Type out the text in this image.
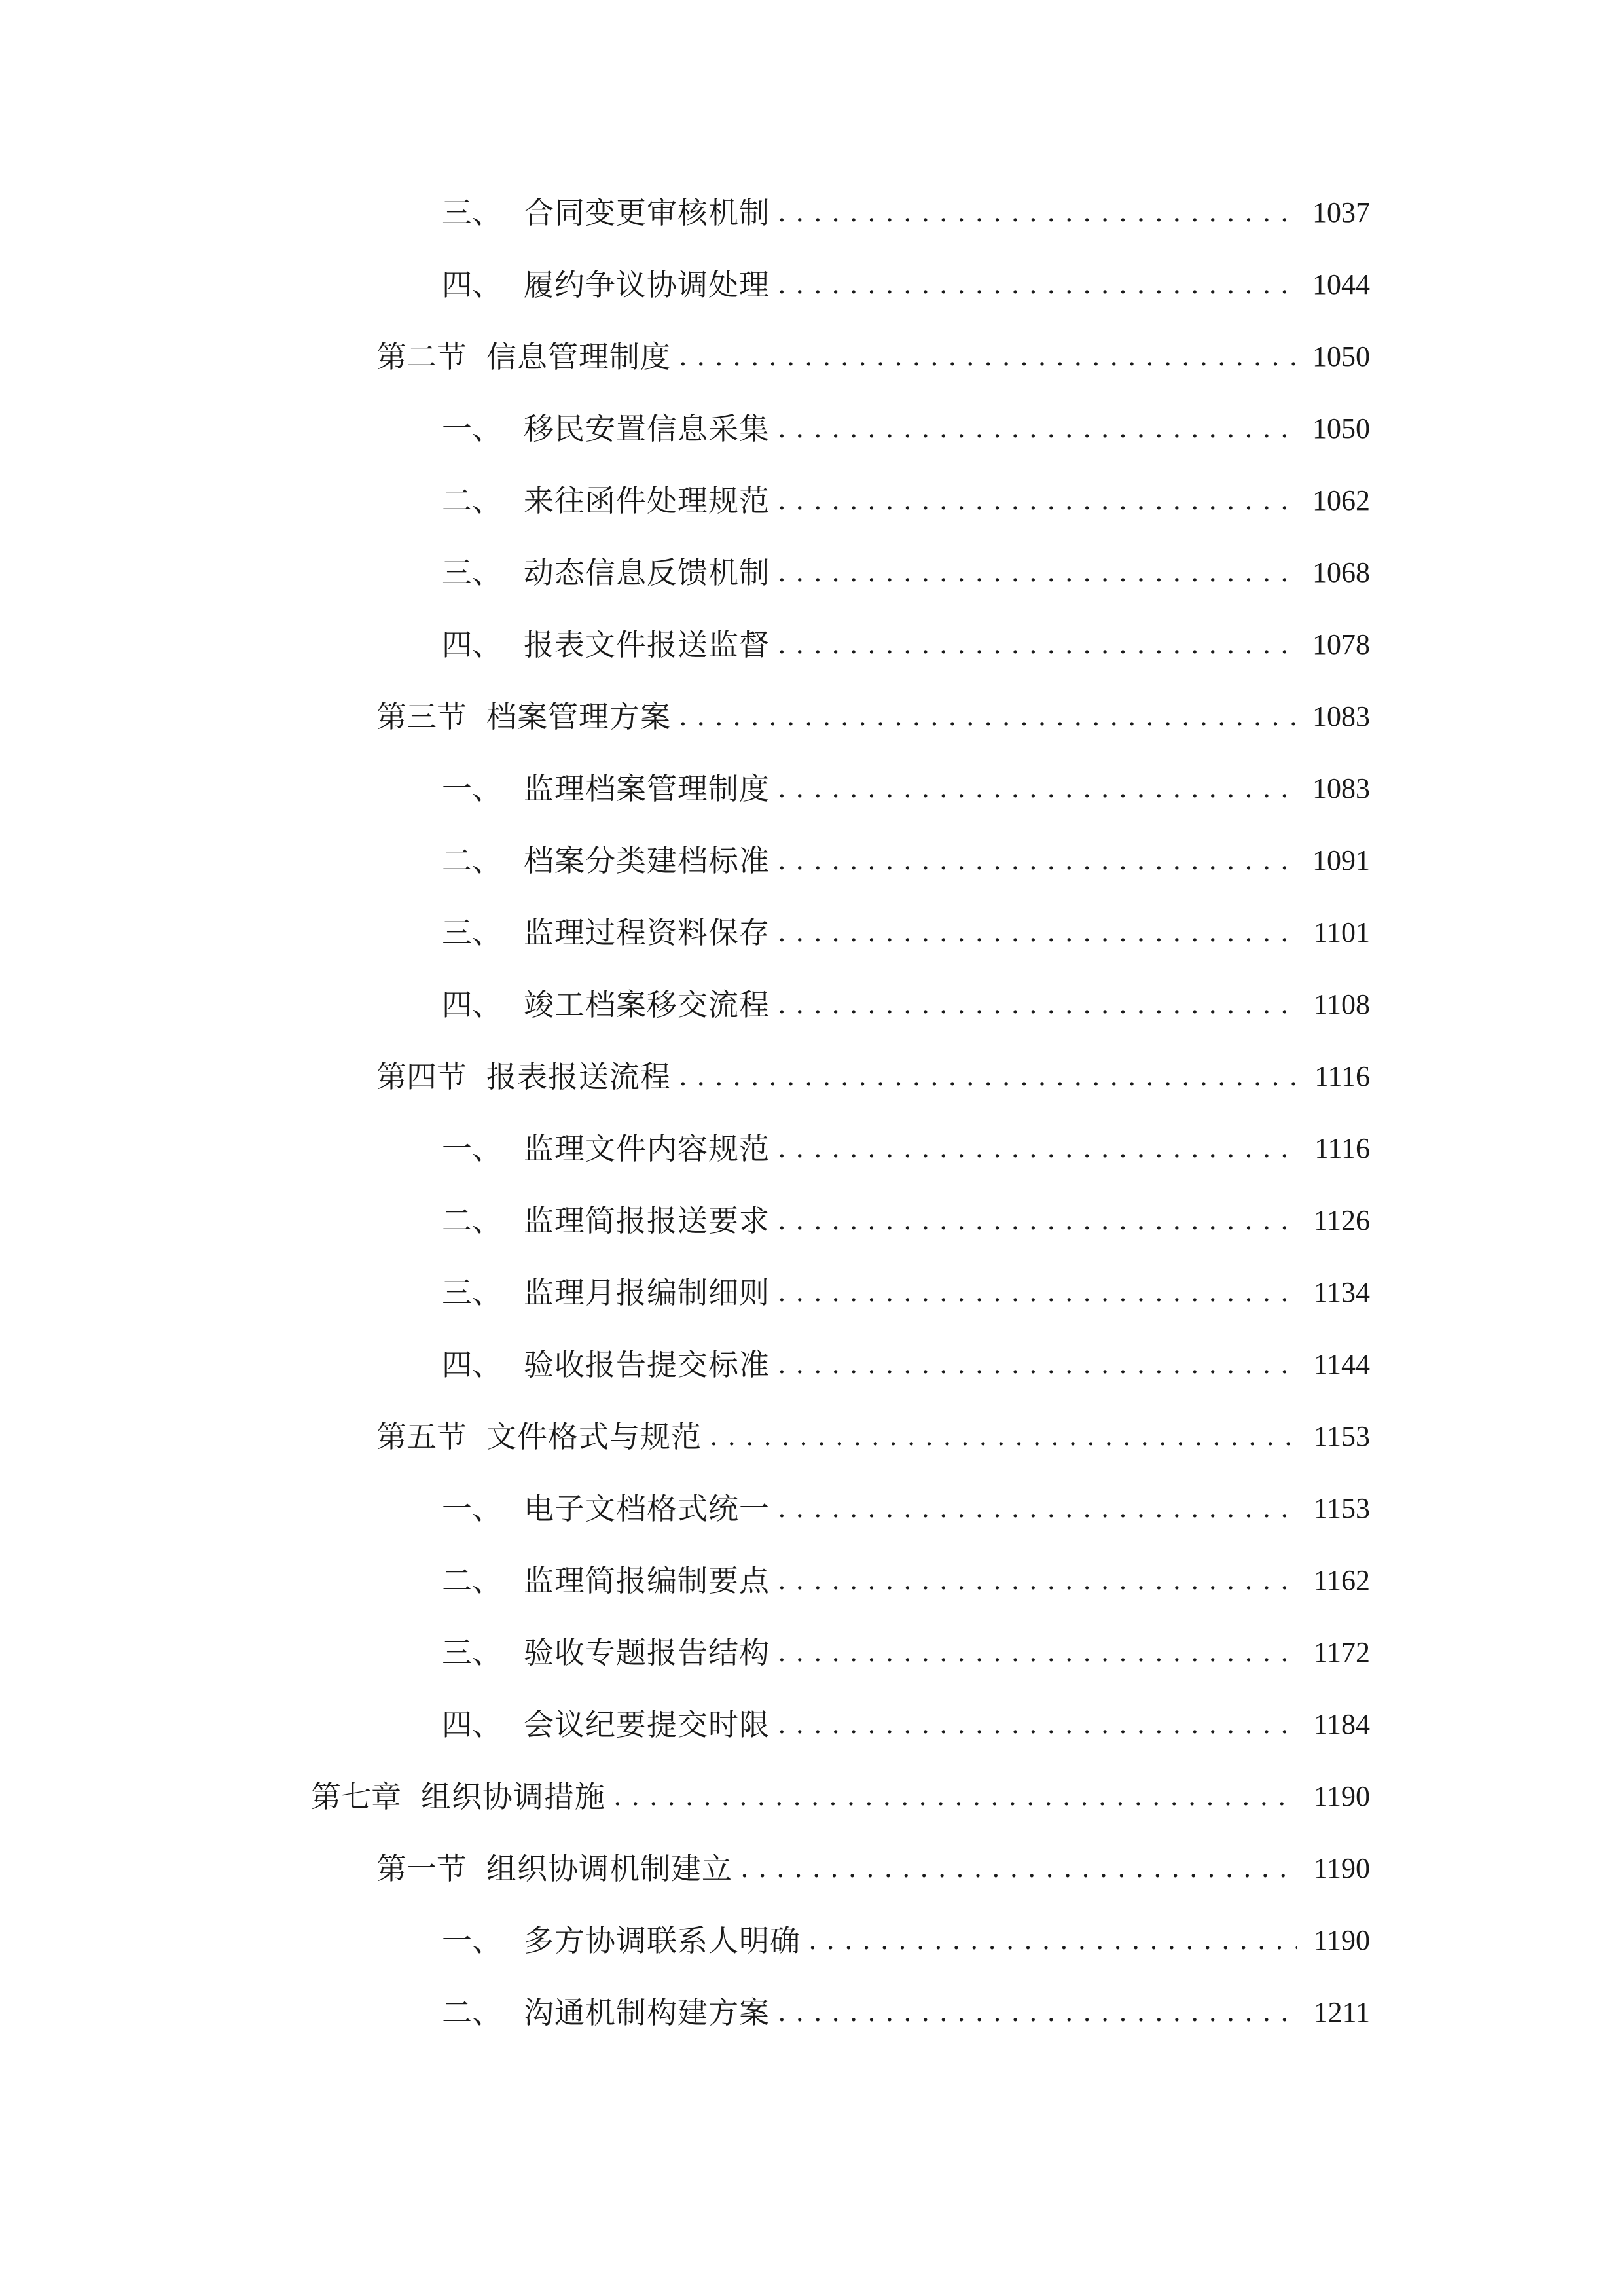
三、 合同变更审核机制 . . .	1037
四、 履约争议协调处理 . . .	1044
第二节 信息管理制度 . . .	1050
一、 移民安置信息采集 . . .	1050
二、 来往函件处理规范 . . .	1062
三、 动态信息反馈机制 . . .	1068
四、 报表文件报送监督 . . .	1078
第三节 档案管理方案 . . .	1083
一、 监理档案管理制度 . . .	1083
二、 档案分类建档标准 . . .	1091
三、 监理过程资料保存 . . .	1101
四、 竣工档案移交流程 . . .	1108
第四节 报表报送流程 . . .	1116
一、 监理文件内容规范 . . .	1116
二、 监理简报报送要求 . . .	1126
三、 监理月报编制细则 . . .	1134
四、 验收报告提交标准 . . .	1144
第五节 文件格式与规范 . . .	1153
一、 电子文档格式统一 . . .	1153
二、 监理简报编制要点 . . .	1162
三、 验收专题报告结构 . . .	1172
四、 会议纪要提交时限 . . .	1184
第七章 组织协调措施 . . .	1190
第一节 组织协调机制建立 . . .	1190
一、 多方协调联系人明确 . . .	1190
二、 沟通机制构建方案 . . .	1211
